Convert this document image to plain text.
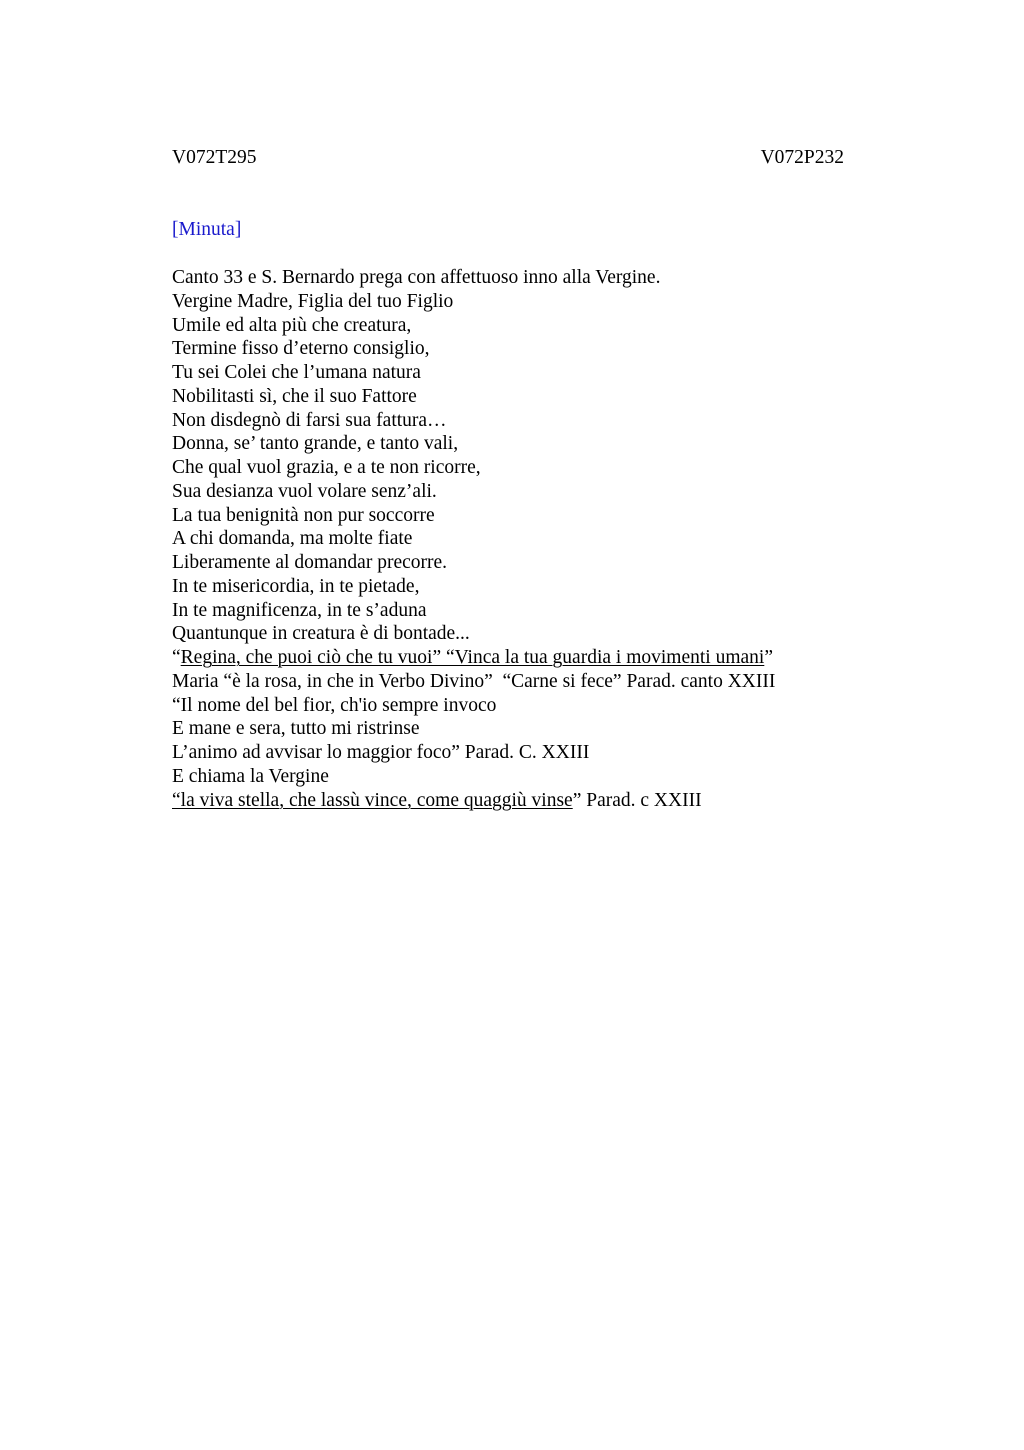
V072T295	V072P232
[Minuta]
Canto 33 e S. Bernardo prega con affettuoso inno alla Vergine.
Vergine Madre, Figlia del tuo Figlio
Umile ed alta più che creatura,
Termine fisso d’eterno consiglio,
Tu sei Colei che l’umana natura
Nobilitasti sì, che il suo Fattore
Non disdegnò di farsi sua fattura…
Donna, se’ tanto grande, e tanto vali,
Che qual vuol grazia, e a te non ricorre,
Sua desianza vuol volare senz’ali.
La tua benignità non pur soccorre
A chi domanda, ma molte fiate
Liberamente al domandar precorre.
In te misericordia, in te pietade,
In te magnificenza, in te s’aduna
Quantunque in creatura è di bontade...
“Regina, che puoi ciò che tu vuoi” “Vinca la tua guardia i movimenti umani”
Maria “è la rosa, in che in Verbo Divino”  “Carne si fece” Parad. canto XXIII
“Il nome del bel fior, ch'io sempre invoco
E mane e sera, tutto mi ristrinse
L’animo ad avvisar lo maggior foco” Parad. C. XXIII
E chiama la Vergine
“la viva stella, che lassù vince, come quaggiù vinse” Parad. c XXIII
